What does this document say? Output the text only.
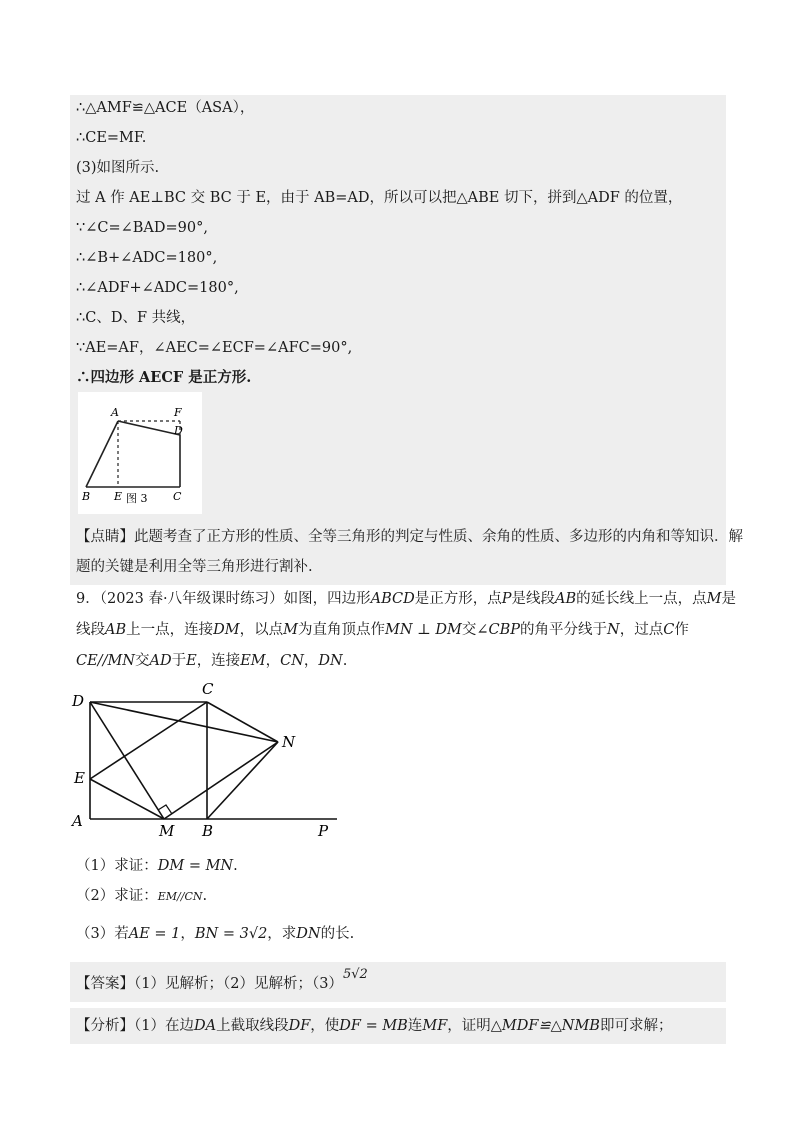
∴△AMF≌△ACE（ASA），
∴CE=MF.
(3)如图所示.
过 A 作 AE⊥BC 交 BC 于 E，由于 AB=AD，所以可以把△ABE 切下，拼到△ADF 的位置，
∵∠C=∠BAD=90°,
∴∠B+∠ADC=180°,
∴∠ADF+∠ADC=180°,
∴C、D、F 共线，
∵AE=AF，∠AEC=∠ECF=∠AFC=90°,
∴四边形 AECF 是正方形.
A	F
D
B E 图 3 C
【点睛】此题考查了正方形的性质、全等三角形的判定与性质、余角的性质、多边形的内角和等知识．解
题的关键是利用全等三角形进行割补.
9．（2023 春·八年级课时练习）如图，四边形ABCD是正方形，点P是线段AB的延长线上一点，点M是
线段AB上一点，连接DM，以点M为直角顶点作MN ⊥ DM交∠CBP的角平分线于N，过点C作
CE//MN交AD于E，连接EM，CN，DN.
D
C
N
E
A
M B	P
（1）求证：DM = MN.
（2）求证：EM//CN.
（3）若AE = 1，BN = 3√2，求DN的长.
【答案】（1）见解析；（2）见解析；（3）5√2
【分析】（1）在边DA上截取线段DF，使DF = MB连MF，证明△MDF≌△NMB即可求解；
